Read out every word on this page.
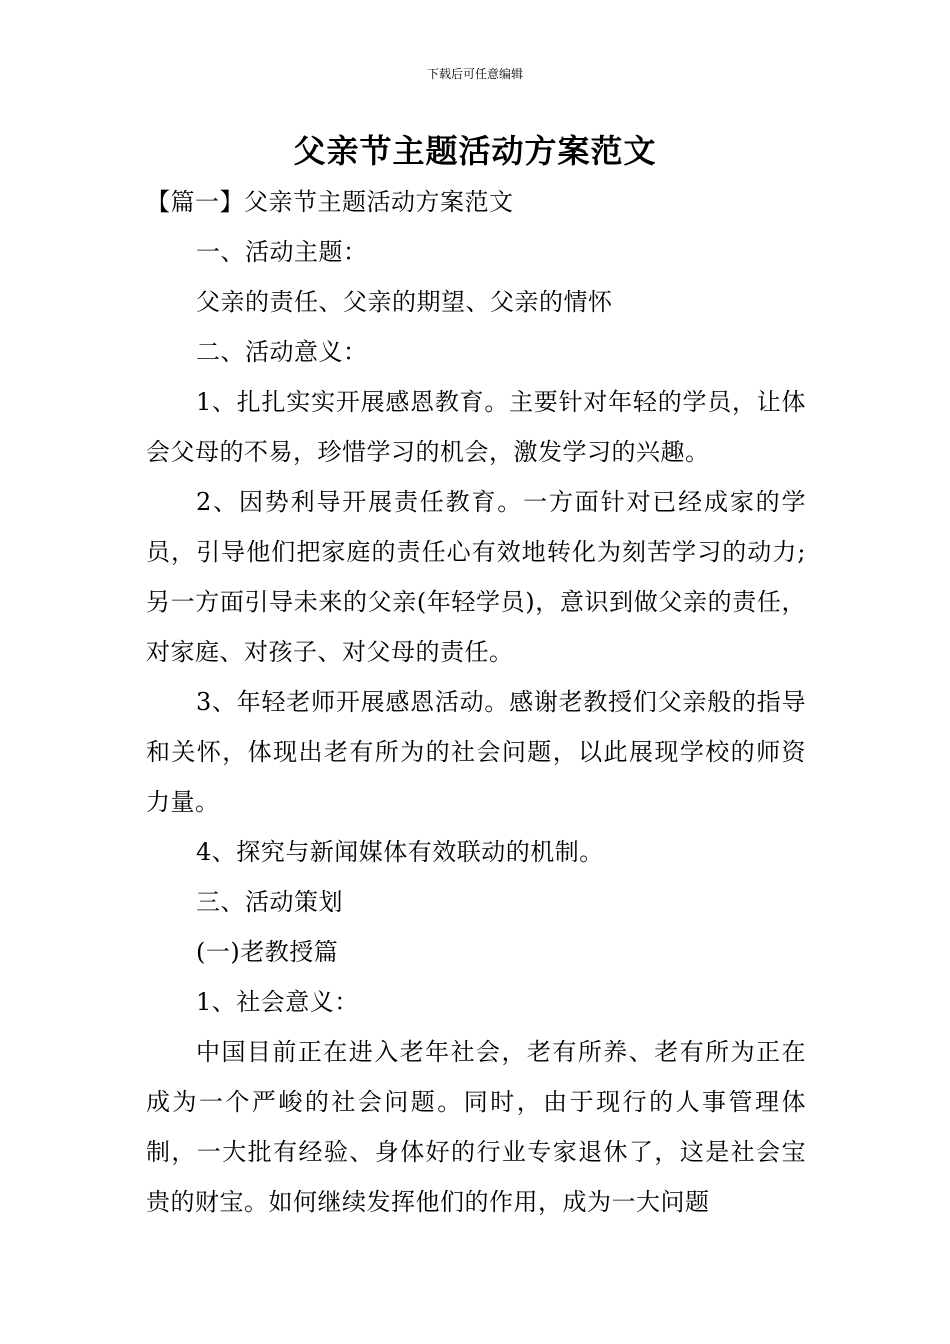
下载后可任意编辑
父亲节主题活动方案范文

【篇一】父亲节主题活动方案范文

一、活动主题：

父亲的责任、父亲的期望、父亲的情怀

二、活动意义：

1、扎扎实实开展感恩教育。主要针对年轻的学员，让体会父母的不易，珍惜学习的机会，激发学习的兴趣。

2、因势利导开展责任教育。一方面针对已经成家的学员，引导他们把家庭的责任心有效地转化为刻苦学习的动力;另一方面引导未来的父亲(年轻学员)，意识到做父亲的责任，对家庭、对孩子、对父母的责任。

3、年轻老师开展感恩活动。感谢老教授们父亲般的指导和关怀，体现出老有所为的社会问题，以此展现学校的师资力量。

4、探究与新闻媒体有效联动的机制。

三、活动策划

(一)老教授篇

1、社会意义：

中国目前正在进入老年社会，老有所养、老有所为正在成为一个严峻的社会问题。同时，由于现行的人事管理体制，一大批有经验、身体好的行业专家退休了，这是社会宝贵的财宝。如何继续发挥他们的作用，成为一大问题
